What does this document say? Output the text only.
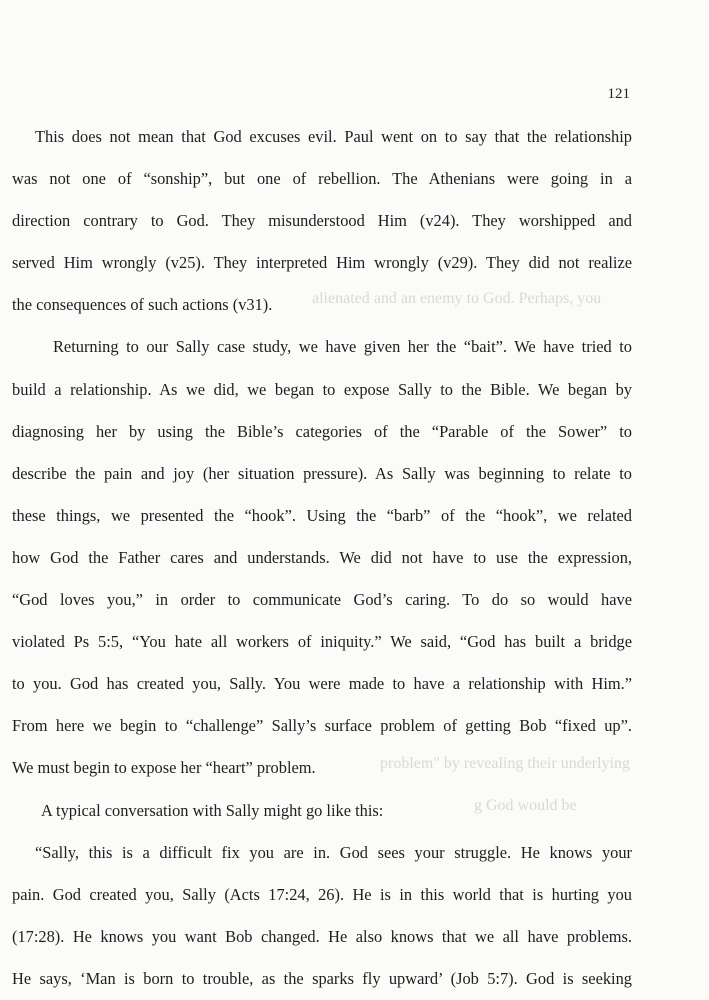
alienated and an enemy to God. Perhaps, you
problem" by revealing their underlying
g God would be
121
This does not mean that God excuses evil. Paul went on to say that the relationship
was not one of “sonship”, but one of rebellion. The Athenians were going in a
direction contrary to God. They misunderstood Him (v24). They worshipped and
served Him wrongly (v25). They interpreted Him wrongly (v29). They did not realize
the consequences of such actions (v31).
Returning to our Sally case study, we have given her the “bait”. We have tried to
build a relationship. As we did, we began to expose Sally to the Bible. We began by
diagnosing her by using the Bible’s categories of the “Parable of the Sower” to
describe the pain and joy (her situation pressure). As Sally was beginning to relate to
these things, we presented the “hook”. Using the “barb” of the “hook”, we related
how God the Father cares and understands. We did not have to use the expression,
“God loves you,” in order to communicate God’s caring. To do so would have
violated Ps 5:5, “You hate all workers of iniquity.” We said, “God has built a bridge
to you. God has created you, Sally. You were made to have a relationship with Him.”
From here we begin to “challenge” Sally’s surface problem of getting Bob “fixed up”.
We must begin to expose her “heart” problem.
A typical conversation with Sally might go like this:
“Sally, this is a difficult fix you are in. God sees your struggle. He knows your
pain. God created you, Sally (Acts 17:24, 26). He is in this world that is hurting you
(17:28). He knows you want Bob changed. He also knows that we all have problems.
He says, ‘Man is born to trouble, as the sparks fly upward’ (Job 5:7). God is seeking
